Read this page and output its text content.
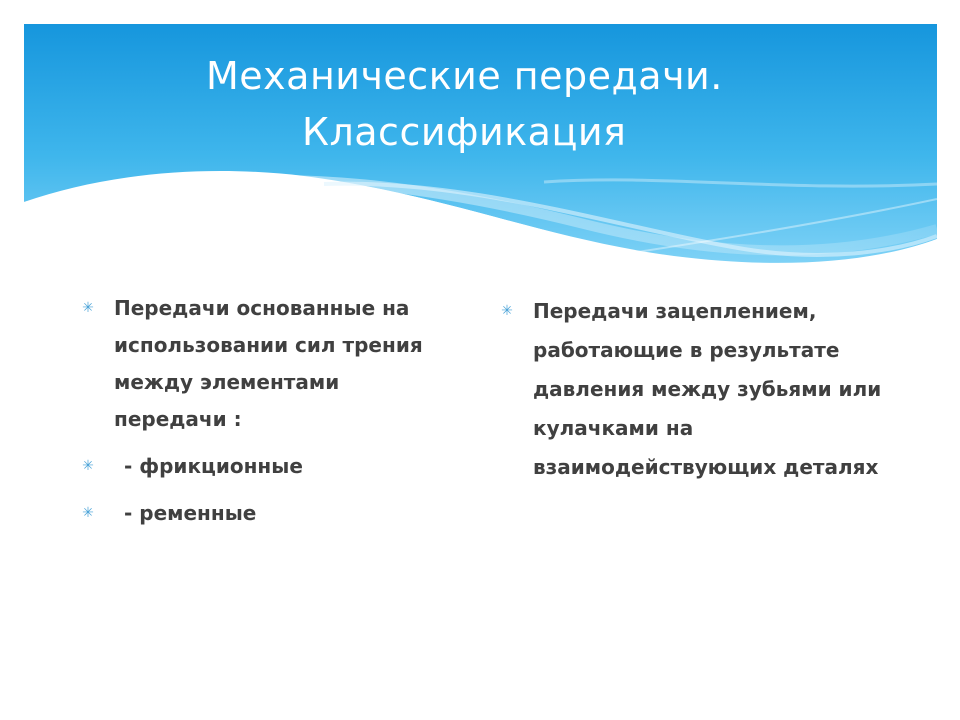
Механические передачи.
Классификация
✳ Передачи основанные на использовании сил трения между элементами передачи :
✳	- фрикционные
✳	- ременные
✳ Передачи зацеплением, работающие в результате давления между зубьями или кулачками на взаимодействующих деталях
